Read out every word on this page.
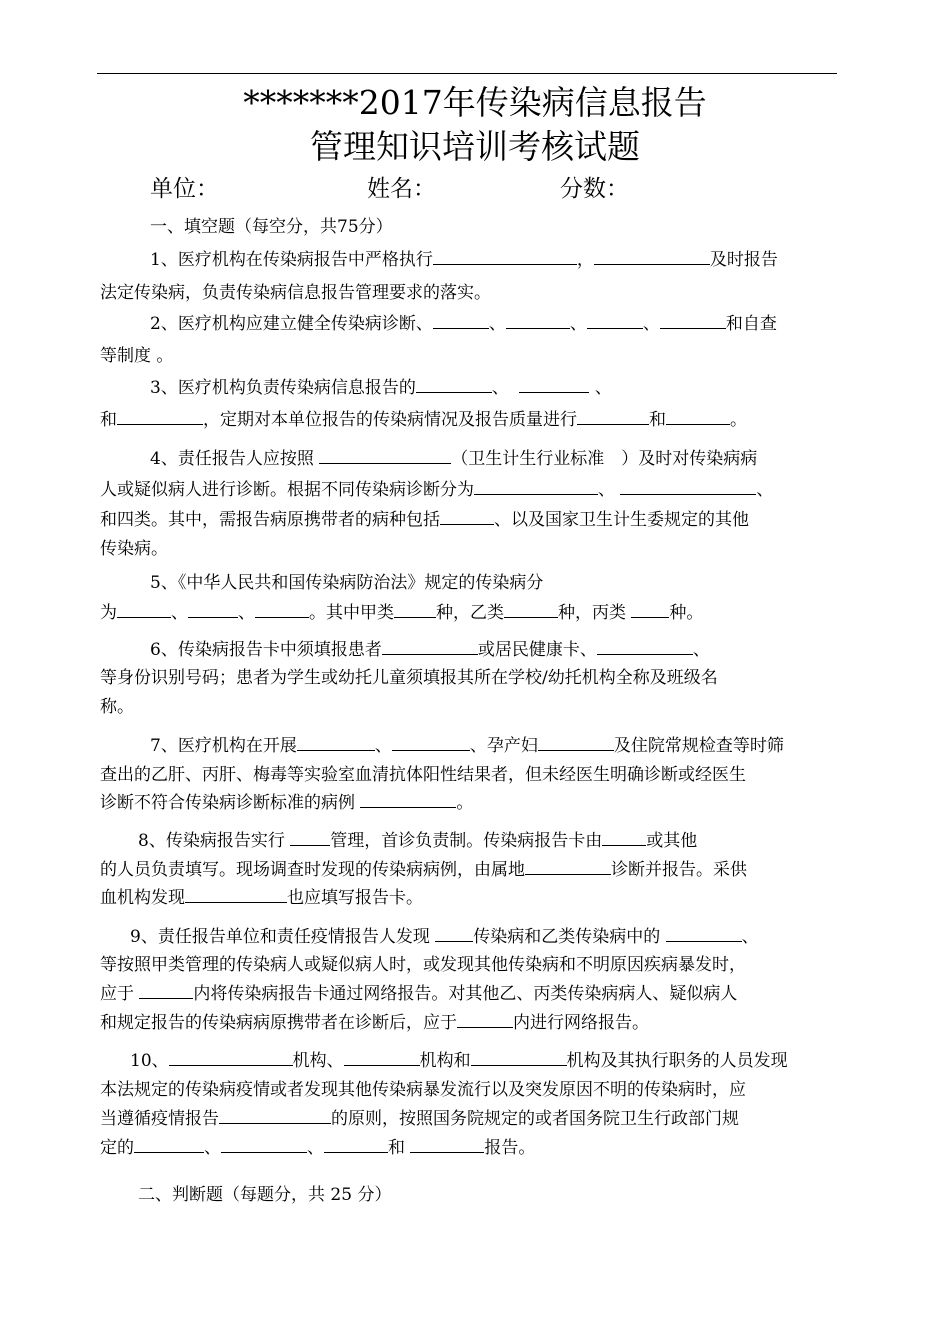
*******2017年传染病信息报告
管理知识培训考核试题
单位：	姓名：	分数：
一、填空题（每空分，共75分）
1、医疗机构在传染病报告中严格执行	，	及时报告
法定传染病，负责传染病信息报告管理要求的落实。
2、医疗机构应建立健全传染病诊断、	、	、	、	和自查
等制度 。
3、医疗机构负责传染病信息报告的	、	、
和	，定期对本单位报告的传染病情况及报告质量进行	和	。
4、责任报告人应按照	（卫生计生行业标准　）及时对传染病病
人或疑似病人进行诊断。根据不同传染病诊断分为	、	、
和四类。其中，需报告病原携带者的病种包括	、以及国家卫生计生委规定的其他
传染病。
5、《中华人民共和国传染病防治法》规定的传染病分
为	、	、	。其中甲类 种，乙类	种，丙类 种。
6、传染病报告卡中须填报患者	或居民健康卡、	、
等身份识别号码；患者为学生或幼托儿童须填报其所在学校/幼托机构全称及班级名
称。
7、医疗机构在开展	、	、孕产妇	及住院常规检查等时筛
查出的乙肝、丙肝、梅毒等实验室血清抗体阳性结果者，但未经医生明确诊断或经医生
诊断不符合传染病诊断标准的病例	。
8、传染病报告实行 管理，首诊负责制。传染病报告卡由	或其他
的人员负责填写。现场调查时发现的传染病病例，由属地	诊断并报告。采供
血机构发现	也应填写报告卡。
9、责任报告单位和责任疫情报告人发现 传染病和乙类传染病中的	、
等按照甲类管理的传染病人或疑似病人时，或发现其他传染病和不明原因疾病暴发时，
应于	内将传染病报告卡通过网络报告。对其他乙、丙类传染病病人、疑似病人
和规定报告的传染病病原携带者在诊断后，应于	内进行网络报告。
10、	机构、	机构和	机构及其执行职务的人员发现
本法规定的传染病疫情或者发现其他传染病暴发流行以及突发原因不明的传染病时，应
当遵循疫情报告	的原则，按照国务院规定的或者国务院卫生行政部门规
定的	、	、	和	报告。
二、判断题（每题分，共 25 分）
